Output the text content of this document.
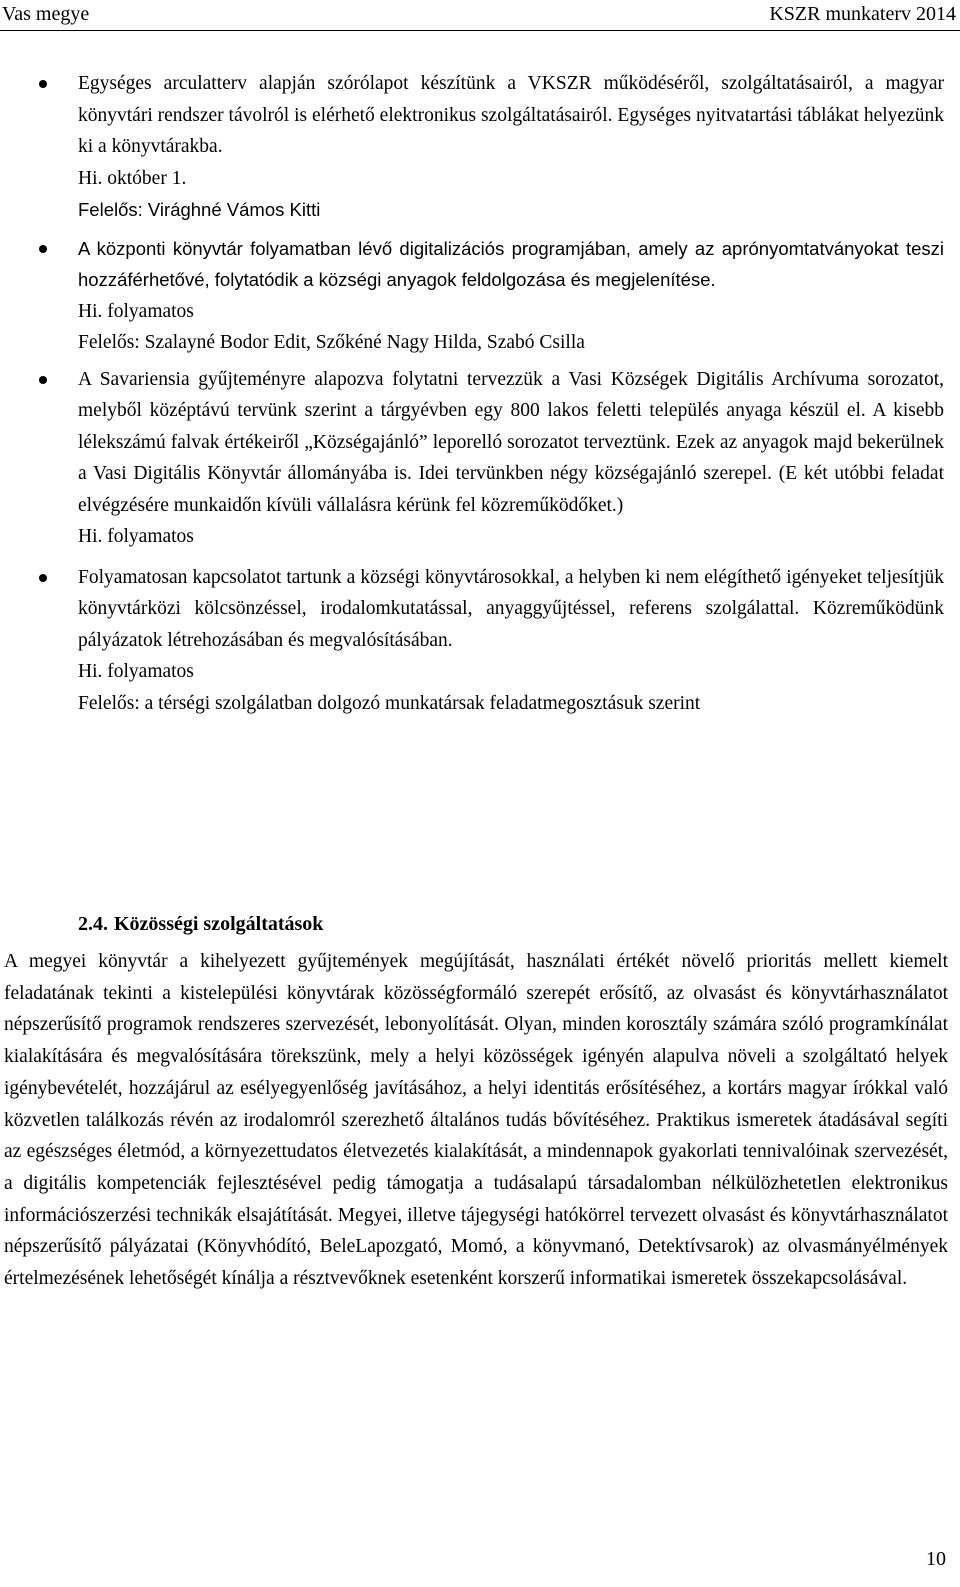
Vas megye	KSZR munkaterv 2014

Egységes arculatterv alapján szórólapot készítünk a VKSZR működéséről, szolgáltatásairól, a magyar könyvtári rendszer távolról is elérhető elektronikus szolgáltatásairól. Egységes nyitvatartási táblákat helyezünk ki a könyvtárakba.

Hi. október 1.
Felelős: Virághné Vámos Kitti

A központi könyvtár folyamatban lévő digitalizációs programjában, amely az aprónyomtatványokat teszi hozzáférhetővé, folytatódik a községi anyagok feldolgozása és megjelenítése.

Hi. folyamatos
Felelős: Szalayné Bodor Edit, Szőkéné Nagy Hilda, Szabó Csilla

A Savariensia gyűjteményre alapozva folytatni tervezzük a Vasi Községek Digitális Archívuma sorozatot, melyből középtávú tervünk szerint a tárgyévben egy 800 lakos feletti település anyaga készül el. A kisebb lélekszámú falvak értékeiről „Községajánló” leporelló sorozatot terveztünk. Ezek az anyagok majd bekerülnek a Vasi Digitális Könyvtár állományába is. Idei tervünkben négy községajánló szerepel. (E két utóbbi feladat elvégzésére munkaidőn kívüli vállalásra kérünk fel közreműködőket.)

Hi. folyamatos

Folyamatosan kapcsolatot tartunk a községi könyvtárosokkal, a helyben ki nem elégíthető igényeket teljesítjük könyvtárközi kölcsönzéssel, irodalomkutatással, anyaggyűjtéssel, referens szolgálattal. Közreműködünk pályázatok létrehozásában és megvalósításában.

Hi. folyamatos
Felelős: a térségi szolgálatban dolgozó munkatársak feladatmegosztásuk szerint
2.4. Közösségi szolgáltatások

A megyei könyvtár a kihelyezett gyűjtemények megújítását, használati értékét növelő prioritás mellett kiemelt feladatának tekinti a kistelepülési könyvtárak közösségformáló szerepét erősítő, az olvasást és könyvtárhasználatot népszerűsítő programok rendszeres szervezését, lebonyolítását. Olyan, minden korosztály számára szóló programkínálat kialakítására és megvalósítására törekszünk, mely a helyi közösségek igényén alapulva növeli a szolgáltató helyek igénybevételét, hozzájárul az esélyegyenlőség javításához, a helyi identitás erősítéséhez, a kortárs magyar írókkal való közvetlen találkozás révén az irodalomról szerezhető általános tudás bővítéséhez. Praktikus ismeretek átadásával segíti az egészséges életmód, a környezettudatos életvezetés kialakítását, a mindennapok gyakorlati tennivalóinak szervezését, a digitális kompetenciák fejlesztésével pedig támogatja a tudásalapú társadalomban nélkülözhetetlen elektronikus információszerzési technikák elsajátítását. Megyei, illetve tájegységi hatókörrel tervezett olvasást és könyvtárhasználatot népszerűsítő pályázatai (Könyvhódító, BeleLapozgató, Momó, a könyvmanó, Detektívsarok) az olvasmányélmények értelmezésének lehetőségét kínálja a résztvevőknek esetenként korszerű informatikai ismeretek összekapcsolásával.

10
